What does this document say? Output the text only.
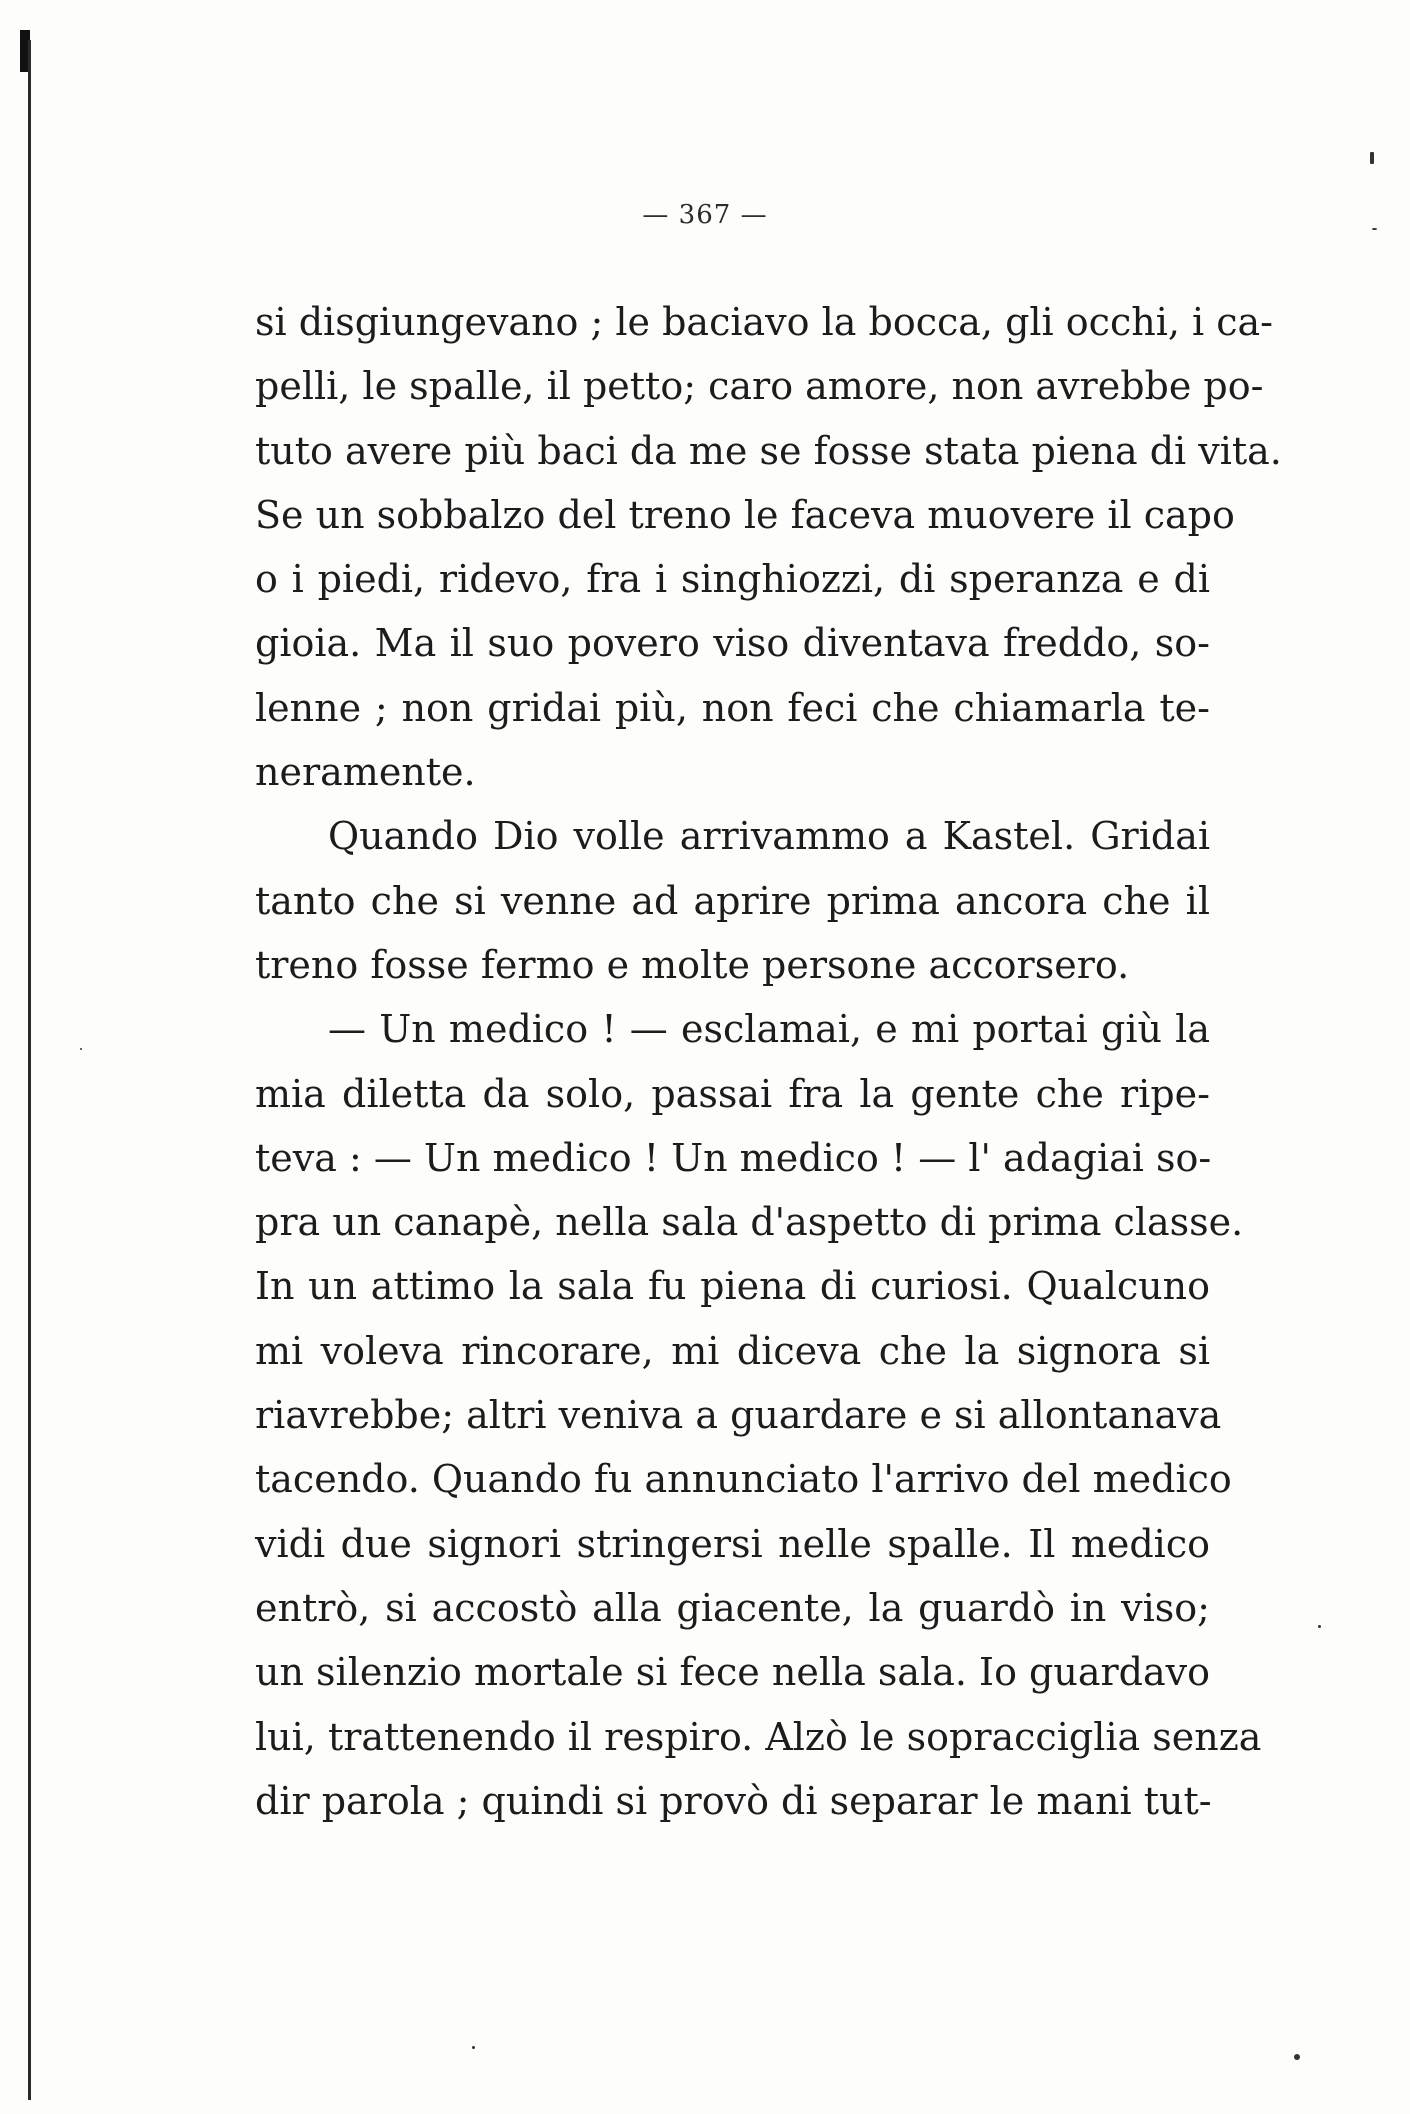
— 367 —
si disgiungevano ; le baciavo la bocca, gli occhi, i ca-
pelli, le spalle, il petto; caro amore, non avrebbe po-
tuto avere più baci da me se fosse stata piena di vita.
Se un sobbalzo del treno le faceva muovere il capo
o i piedi, ridevo, fra i singhiozzi, di speranza e di
gioia. Ma il suo povero viso diventava freddo, so-
lenne ; non gridai più, non feci che chiamarla te-
neramente.
Quando Dio volle arrivammo a Kastel. Gridai
tanto che si venne ad aprire prima ancora che il
treno fosse fermo e molte persone accorsero.
— Un medico ! — esclamai, e mi portai giù la
mia diletta da solo, passai fra la gente che ripe-
teva : — Un medico ! Un medico ! — l' adagiai so-
pra un canapè, nella sala d'aspetto di prima classe.
In un attimo la sala fu piena di curiosi. Qualcuno
mi voleva rincorare, mi diceva che la signora si
riavrebbe; altri veniva a guardare e si allontanava
tacendo. Quando fu annunciato l'arrivo del medico
vidi due signori stringersi nelle spalle. Il medico
entrò, si accostò alla giacente, la guardò in viso;
un silenzio mortale si fece nella sala. Io guardavo
lui, trattenendo il respiro. Alzò le sopracciglia senza
dir parola ; quindi si provò di separar le mani tut-
